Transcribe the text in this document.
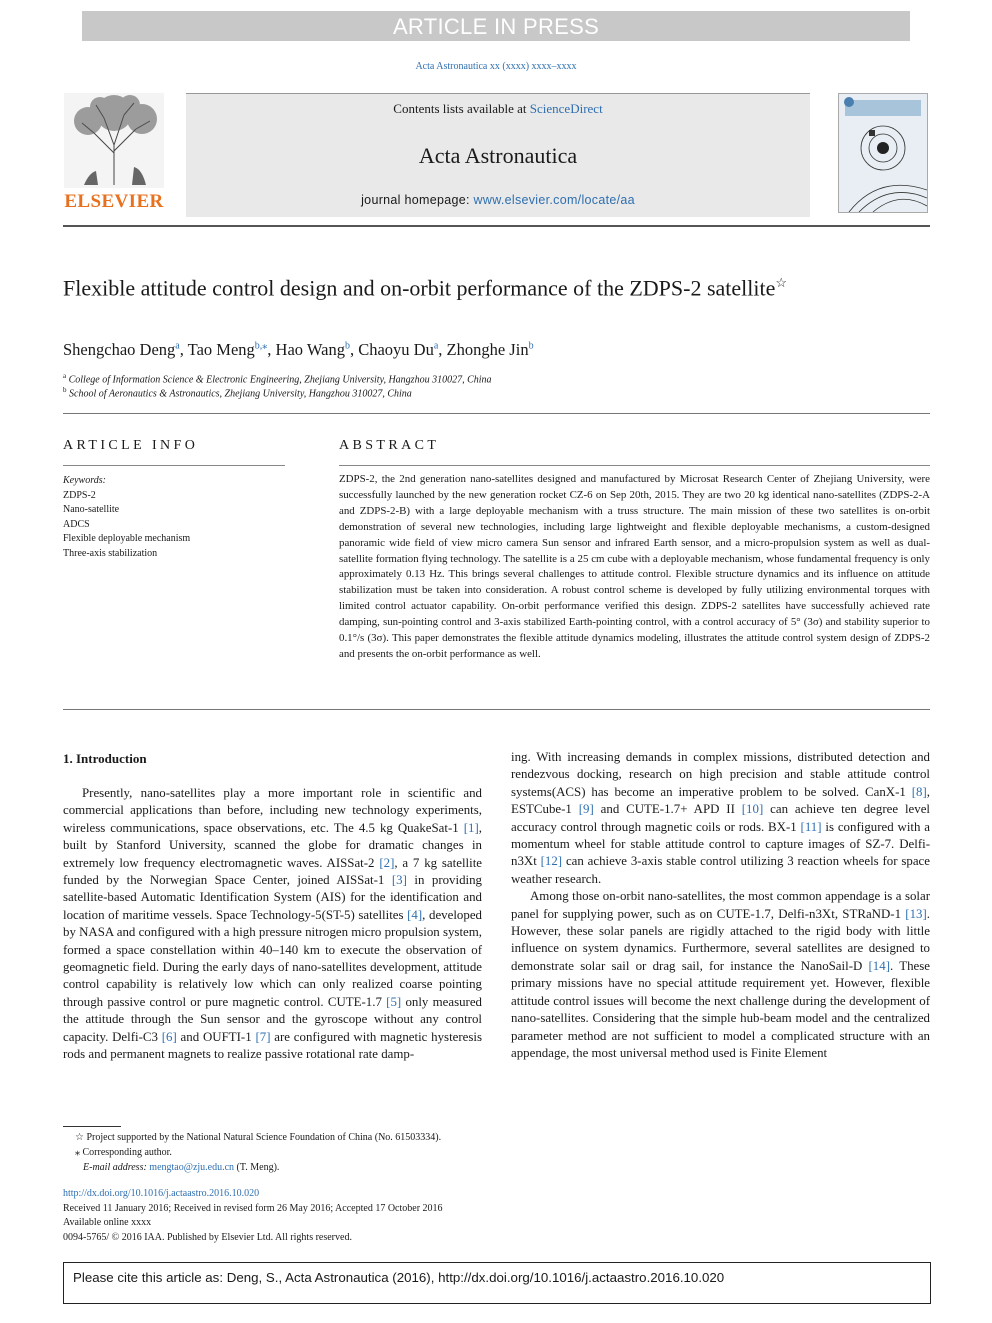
ARTICLE IN PRESS
Acta Astronautica xx (xxxx) xxxx–xxxx
Contents lists available at ScienceDirect
Acta Astronautica
journal homepage: www.elsevier.com/locate/aa
ELSEVIER
Flexible attitude control design and on-orbit performance of the ZDPS-2 satellite☆
Shengchao Deng$^a$, Tao Meng$^{b,⁎}$, Hao Wang$^b$, Chaoyu Du$^a$, Zhonghe Jin$^b$
$^a$ College of Information Science & Electronic Engineering, Zhejiang University, Hangzhou 310027, China
$^b$ School of Aeronautics & Astronautics, Zhejiang University, Hangzhou 310027, China
ARTICLE INFO	ABSTRACT
Keywords:
ZDPS-2
Nano-satellite
ADCS
Flexible deployable mechanism
Three-axis stabilization
ZDPS-2, the 2nd generation nano-satellites designed and manufactured by Microsat Research Center of Zhejiang University, were successfully launched by the new generation rocket CZ-6 on Sep 20th, 2015. They are two 20 kg identical nano-satellites (ZDPS-2-A and ZDPS-2-B) with a large deployable mechanism with a truss structure. The main mission of these two satellites is on-orbit demonstration of several new technologies, including large lightweight and flexible deployable mechanisms, a custom-designed panoramic wide field of view micro camera Sun sensor and infrared Earth sensor, and a micro-propulsion system as well as dual-satellite formation flying technology. The satellite is a 25 cm cube with a deployable mechanism, whose fundamental frequency is only approximately 0.13 Hz. This brings several challenges to attitude control. Flexible structure dynamics and its influence on attitude stabilization must be taken into consideration. A robust control scheme is developed by fully utilizing environmental torques with limited control actuator capability. On-orbit performance verified this design. ZDPS-2 satellites have successfully achieved rate damping, sun-pointing control and 3-axis stabilized Earth-pointing control, with a control accuracy of 5° (3σ) and stability superior to 0.1°/s (3σ). This paper demonstrates the flexible attitude dynamics modeling, illustrates the attitude control system design of ZDPS-2 and presents the on-orbit performance as well.
1. Introduction

Presently, nano-satellites play a more important role in scientific and commercial applications than before, including new technology experiments, wireless communications, space observations, etc. The 4.5 kg QuakeSat-1 [1], built by Stanford University, scanned the globe for dramatic changes in extremely low frequency electromagnetic waves. AISSat-2 [2], a 7 kg satellite funded by the Norwegian Space Center, joined AISSat-1 [3] in providing satellite-based Automatic Identification System (AIS) for the identification and location of maritime vessels. Space Technology-5(ST-5) satellites [4], developed by NASA and configured with a high pressure nitrogen micro propulsion system, formed a space constellation within 40–140 km to execute the observation of geomagnetic field. During the early days of nano-satellites development, attitude control capability is relatively low which can only realized coarse pointing through passive control or pure magnetic control. CUTE-1.7 [5] only measured the attitude through the Sun sensor and the gyroscope without any control capacity. Delfi-C3 [6] and OUFTI-1 [7] are configured with magnetic hysteresis rods and permanent magnets to realize passive rotational rate damp-

ing. With increasing demands in complex missions, distributed detection and rendezvous docking, research on high precision and stable attitude control systems(ACS) has become an imperative problem to be solved. CanX-1 [8], ESTCube-1 [9] and CUTE-1.7+ APD II [10] can achieve ten degree level accuracy control through magnetic coils or rods. BX-1 [11] is configured with a momentum wheel for stable attitude control to capture images of SZ-7. Delfi-n3Xt [12] can achieve 3-axis stable control utilizing 3 reaction wheels for space weather research.

Among those on-orbit nano-satellites, the most common appendage is a solar panel for supplying power, such as on CUTE-1.7, Delfi-n3Xt, STRaND-1 [13]. However, these solar panels are rigidly attached to the rigid body with little influence on system dynamics. Furthermore, several satellites are designed to demonstrate solar sail or drag sail, for instance the NanoSail-D [14]. These primary missions have no special attitude requirement yet. However, flexible attitude control issues will become the next challenge during the development of nano-satellites. Considering that the simple hub-beam model and the centralized parameter method are not sufficient to model a complicated structure with an appendage, the most universal method used is Finite Element

☆ Project supported by the National Natural Science Foundation of China (No. 61503334).
⁎ Corresponding author.
E-mail address: mengtao@zju.edu.cn (T. Meng).
http://dx.doi.org/10.1016/j.actaastro.2016.10.020
Received 11 January 2016; Received in revised form 26 May 2016; Accepted 17 October 2016
Available online xxxx
0094-5765/ © 2016 IAA. Published by Elsevier Ltd. All rights reserved.
Please cite this article as: Deng, S., Acta Astronautica (2016), http://dx.doi.org/10.1016/j.actaastro.2016.10.020
